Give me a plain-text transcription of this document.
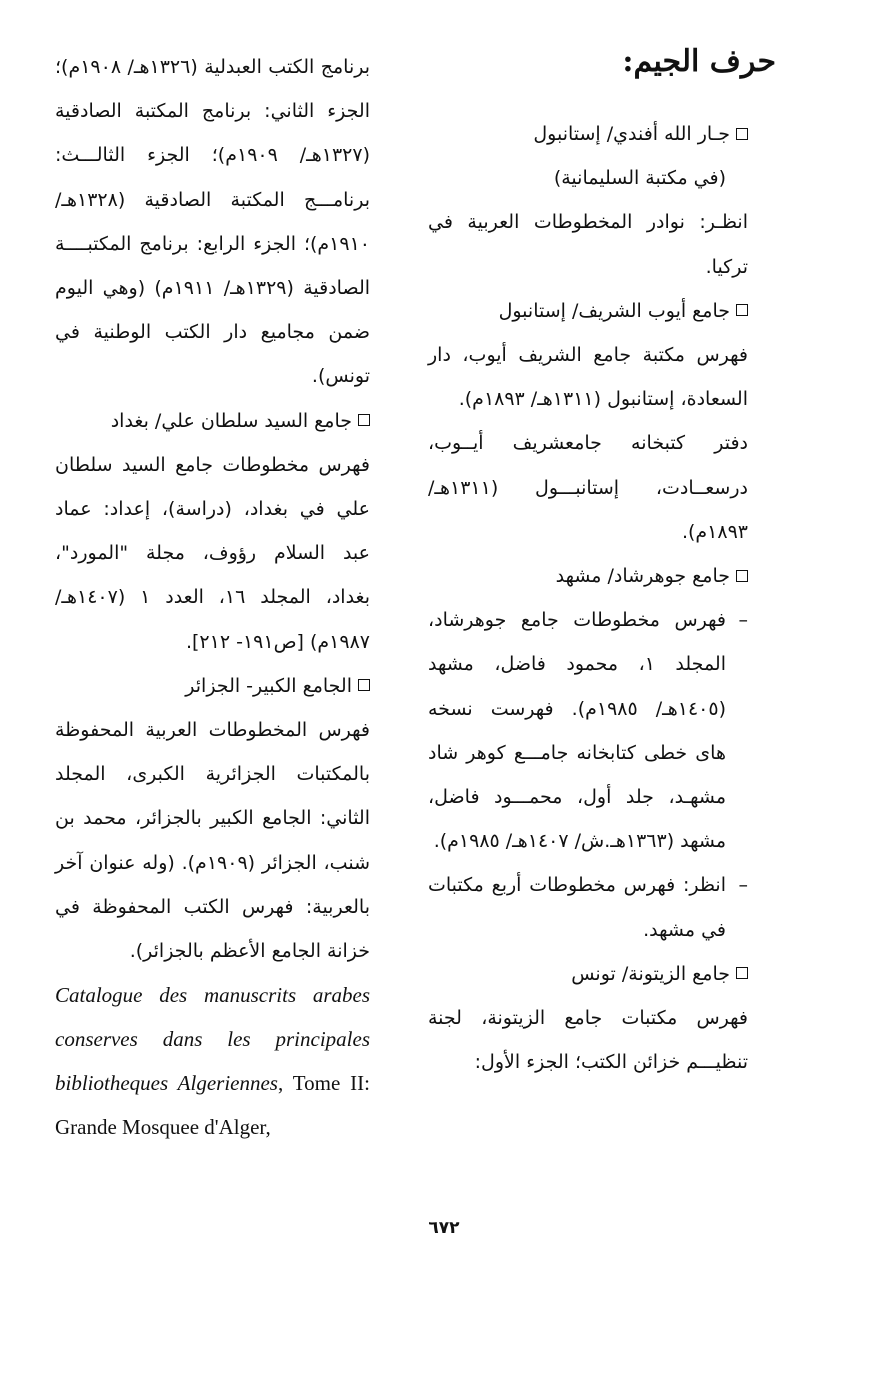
حرف الجيم:

جـار الله أفندي/ إستانبول

(في مكتبة السليمانية)

انظـر: نوادر المخطوطات العربية في تركيا.

جامع أيوب الشريف/ إستانبول

فهرس مكتبة جامع الشريف أيوب، دار السعادة، إستانبول (١٣١١هـ/ ١٨٩٣م).

دفتر كتبخانه جامعشريف أيــوب، درسعــادت، إستانبـــول (١٣١١هـ/ ١٨٩٣م).

جامع جوهرشاد/ مشهد

–فهرس مخطوطات جامع جوهرشاد، المجلد ١، محمود فاضل، مشهد (١٤٠٥هـ/ ١٩٨٥م). فهرست نسخه هاى خطى كتابخانه جامـــع كوهر شاد مشهـد، جلد أول، محمـــود فاضل، مشهد (١٣٦٣هـ.ش/ ١٤٠٧هـ/ ١٩٨٥م).

–انظر: فهرس مخطوطات أربع مكتبات في مشهد.

جامع الزيتونة/ تونس

فهرس مكتبات جامع الزيتونة، لجنة تنظيـــم خزائن الكتب؛ الجزء الأول:

برنامج الكتب العبدلية (١٣٢٦هـ/ ١٩٠٨م)؛ الجزء الثاني: برنامج المكتبة الصادقية (١٣٢٧هـ/ ١٩٠٩م)؛ الجزء الثالـــث: برنامـــج المكتبة الصادقية (١٣٢٨هـ/ ١٩١٠م)؛ الجزء الرابع: برنامج المكتبــــة الصادقية (١٣٢٩هـ/ ١٩١١م) (وهي اليوم ضمن مجاميع دار الكتب الوطنية في تونس).

جامع السيد سلطان علي/ بغداد

فهرس مخطوطات جامع السيد سلطان علي في بغداد، (دراسة)، إعداد: عماد عبد السلام رؤوف، مجلة "المورد"، بغداد، المجلد ١٦، العدد ١ (١٤٠٧هـ/ ١٩٨٧م) [ص١٩١- ٢١٢].

الجامع الكبير- الجزائر

فهرس المخطوطات العربية المحفوظة بالمكتبات الجزائرية الكبرى، المجلد الثاني: الجامع الكبير بالجزائر، محمد بن شنب، الجزائر (١٩٠٩م). (وله عنوان آخر بالعربية: فهرس الكتب المحفوظة في خزانة الجامع الأعظم بالجزائر).

Catalogue des manuscrits arabes conserves dans les principales bibliotheques Algeriennes, Tome II: Grande Mosquee d'Alger,

٦٧٢
